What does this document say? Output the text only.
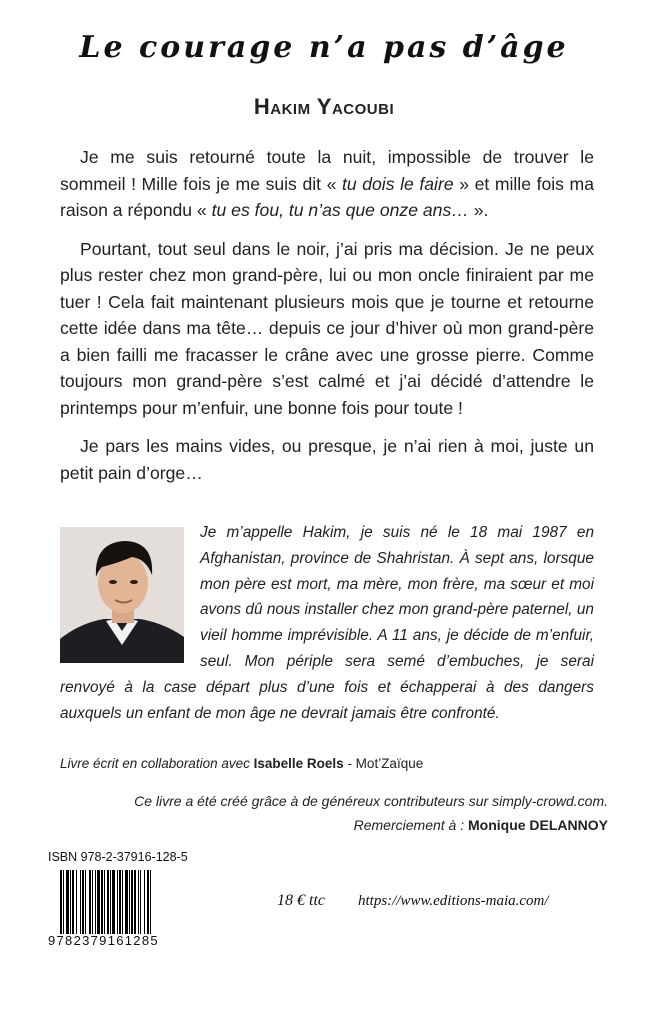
Le courage n’a pas d’âge
Hakim Yacoubi

Je me suis retourné toute la nuit, impossible de trouver le sommeil ! Mille fois je me suis dit « tu dois le faire » et mille fois ma raison a répondu « tu es fou, tu n’as que onze ans… ».

Pourtant, tout seul dans le noir, j’ai pris ma décision. Je ne peux plus rester chez mon grand-père, lui ou mon oncle finiraient par me tuer ! Cela fait maintenant plusieurs mois que je tourne et retourne cette idée dans ma tête… depuis ce jour d’hiver où mon grand-père a bien failli me fracasser le crâne avec une grosse pierre. Comme toujours mon grand-père s’est calmé et j’ai décidé d’attendre le printemps pour m’enfuir, une bonne fois pour toute !

Je pars les mains vides, ou presque, je n’ai rien à moi, juste un petit pain d’orge…

Je m’appelle Hakim, je suis né le 18 mai 1987 en Afghanistan, province de Shahristan. À sept ans, lorsque mon père est mort, ma mère, mon frère, ma sœur et moi avons dû nous installer chez mon grand-père paternel, un vieil homme imprévisible. A 11 ans, je décide de m’enfuir, seul. Mon périple sera semé d’embuches, je serai renvoyé à la case départ plus d’une fois et échapperai à des dangers auxquels un enfant de mon âge ne devrait jamais être confronté.
Livre écrit en collaboration avec Isabelle Roels - Mot’Zaïque
Ce livre a été créé grâce à de généreux contributeurs sur simply-crowd.com.
Remerciement à : Monique DELANNOY
ISBN 978-2-37916-128-5
9782379161285
18 € ttc https://www.editions-maia.com/
